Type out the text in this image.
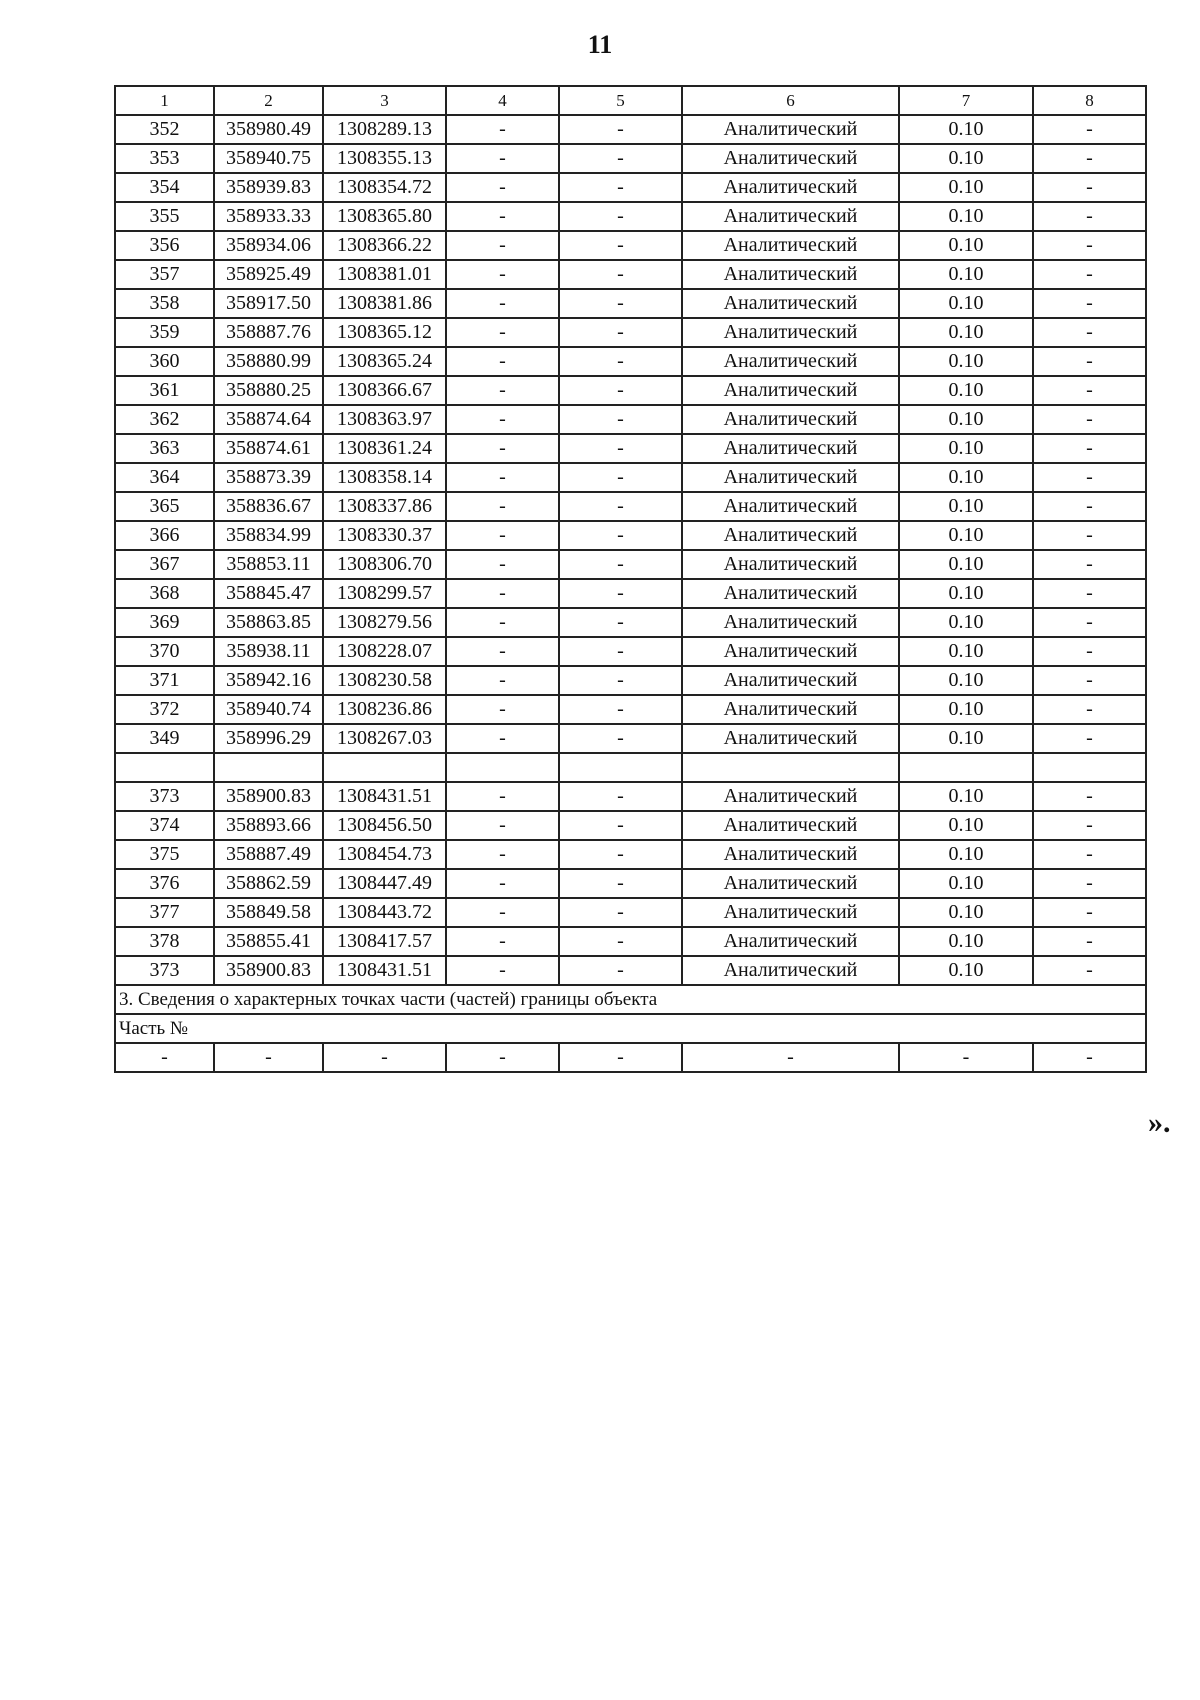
11
1	2	3	4	5	6	7	8
352	358980.49	1308289.13	-	-	Аналитический	0.10	-
353	358940.75	1308355.13	-	-	Аналитический	0.10	-
354	358939.83	1308354.72	-	-	Аналитический	0.10	-
355	358933.33	1308365.80	-	-	Аналитический	0.10	-
356	358934.06	1308366.22	-	-	Аналитический	0.10	-
357	358925.49	1308381.01	-	-	Аналитический	0.10	-
358	358917.50	1308381.86	-	-	Аналитический	0.10	-
359	358887.76	1308365.12	-	-	Аналитический	0.10	-
360	358880.99	1308365.24	-	-	Аналитический	0.10	-
361	358880.25	1308366.67	-	-	Аналитический	0.10	-
362	358874.64	1308363.97	-	-	Аналитический	0.10	-
363	358874.61	1308361.24	-	-	Аналитический	0.10	-
364	358873.39	1308358.14	-	-	Аналитический	0.10	-
365	358836.67	1308337.86	-	-	Аналитический	0.10	-
366	358834.99	1308330.37	-	-	Аналитический	0.10	-
367	358853.11	1308306.70	-	-	Аналитический	0.10	-
368	358845.47	1308299.57	-	-	Аналитический	0.10	-
369	358863.85	1308279.56	-	-	Аналитический	0.10	-
370	358938.11	1308228.07	-	-	Аналитический	0.10	-
371	358942.16	1308230.58	-	-	Аналитический	0.10	-
372	358940.74	1308236.86	-	-	Аналитический	0.10	-
349	358996.29	1308267.03	-	-	Аналитический	0.10	-

373	358900.83	1308431.51	-	-	Аналитический	0.10	-
374	358893.66	1308456.50	-	-	Аналитический	0.10	-
375	358887.49	1308454.73	-	-	Аналитический	0.10	-
376	358862.59	1308447.49	-	-	Аналитический	0.10	-
377	358849.58	1308443.72	-	-	Аналитический	0.10	-
378	358855.41	1308417.57	-	-	Аналитический	0.10	-
373	358900.83	1308431.51	-	-	Аналитический	0.10	-
3. Сведения о характерных точках части (частей) границы объекта							
Часть №							
-	-	-	-	-	-	-	-
».
